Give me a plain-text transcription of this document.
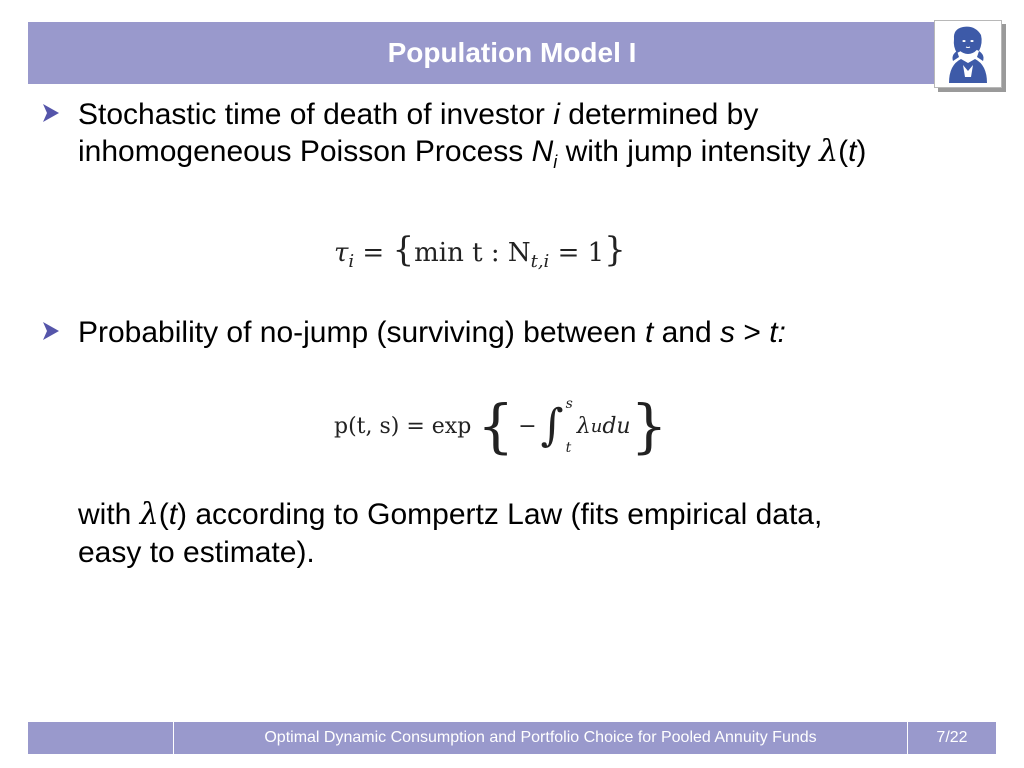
Population Model I
Stochastic time of death of investor i determined by
inhomogeneous Poisson Process $N_i$ with jump intensity λ(t)
$\tau_i = \{\min$ t : $N_{t,i} = 1$}
Probability of no-jump (surviving) between t and s > t:
p(t, s) = exp { − ∫ s
t
λ u du }
with λ(t) according to Gompertz Law (fits empirical data,
easy to estimate).
Optimal Dynamic Consumption and Portfolio Choice for Pooled Annuity Funds	7/22
